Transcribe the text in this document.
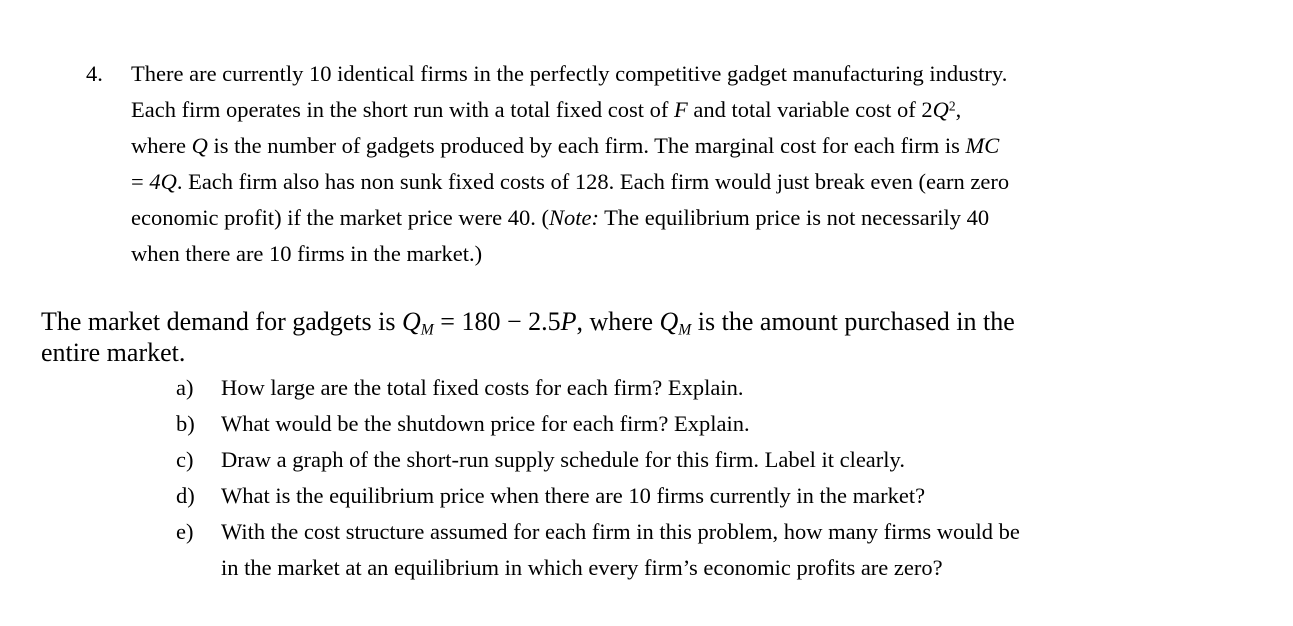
4. There are currently 10 identical firms in the perfectly competitive gadget manufacturing industry.
Each firm operates in the short run with a total fixed cost of F and total variable cost of $2Q^2$,
where Q is the number of gadgets produced by each firm. The marginal cost for each firm is MC
= 4Q. Each firm also has non sunk fixed costs of 128. Each firm would just break even (earn zero
economic profit) if the market price were 40. (Note: The equilibrium price is not necessarily 40
when there are 10 firms in the market.)
The market demand for gadgets is $Q_M = 180 - 2.5P$, where $Q_M$ is the amount purchased in the
entire market.
a) How large are the total fixed costs for each firm? Explain.
b) What would be the shutdown price for each firm? Explain.
c) Draw a graph of the short-run supply schedule for this firm. Label it clearly.
d) What is the equilibrium price when there are 10 firms currently in the market?
e) With the cost structure assumed for each firm in this problem, how many firms would be
in the market at an equilibrium in which every firm’s economic profits are zero?
